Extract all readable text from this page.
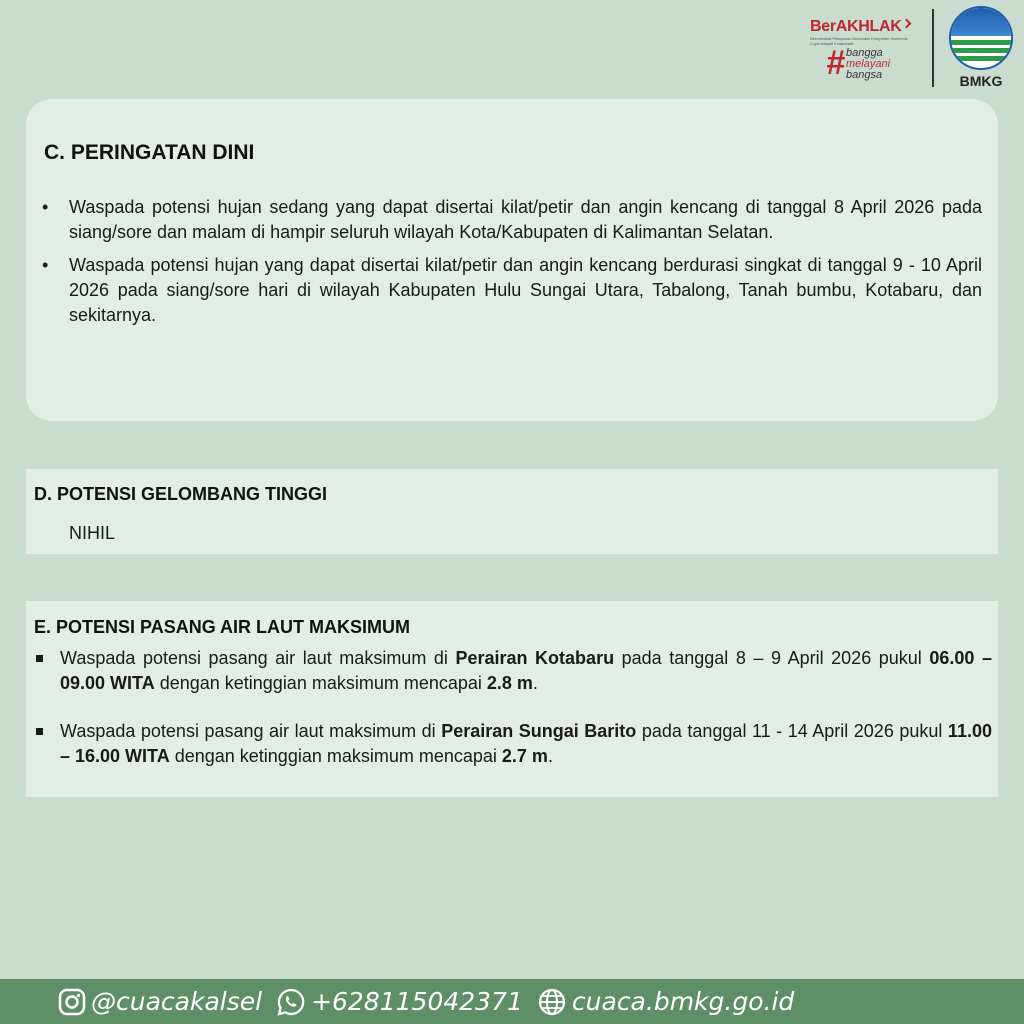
BerAKHLAK
Berorientasi Pelayanan Akuntabel Kompeten Harmonis Loyal Adaptif Kolaboratif
# bangga
melayani
bangsa	BMKG
C. PERINGATAN DINI
• Waspada potensi hujan sedang yang dapat disertai kilat/petir dan angin kencang di tanggal 8 April 2026 pada siang/sore dan malam di hampir seluruh wilayah Kota/Kabupaten di Kalimantan Selatan.
• Waspada potensi hujan yang dapat disertai kilat/petir dan angin kencang berdurasi singkat di tanggal 9 - 10 April 2026 pada siang/sore hari di wilayah Kabupaten Hulu Sungai Utara, Tabalong, Tanah bumbu, Kotabaru, dan sekitarnya.
D. POTENSI GELOMBANG TINGGI
NIHIL
E. POTENSI PASANG AIR LAUT MAKSIMUM
Waspada potensi pasang air laut maksimum di Perairan Kotabaru pada tanggal 8 – 9 April 2026 pukul 06.00 – 09.00 WITA dengan ketinggian maksimum mencapai 2.8 m.
Waspada potensi pasang air laut maksimum di Perairan Sungai Barito pada tanggal 11 - 14 April 2026 pukul 11.00 – 16.00 WITA dengan ketinggian maksimum mencapai 2.7 m.
@cuacakalsel +628115042371 cuaca.bmkg.go.id
